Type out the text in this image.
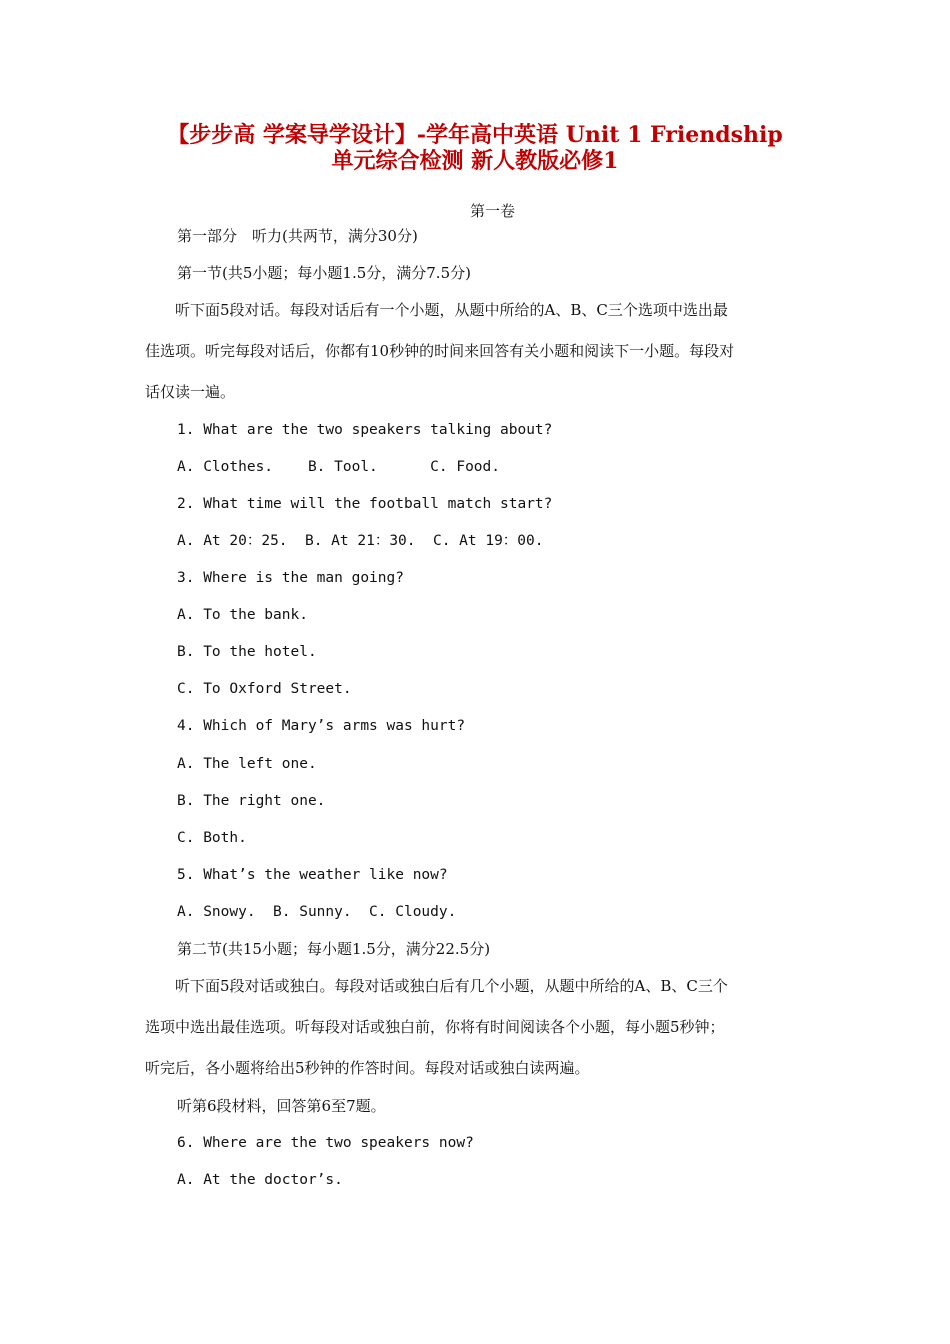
【步步高 学案导学设计】-学年高中英语 Unit 1 Friendship
单元综合检测 新人教版必修1
第一卷
第一部分　听力(共两节，满分30分)
第一节(共5小题；每小题1.5分，满分7.5分)

　　听下面5段对话。每段对话后有一个小题，从题中所给的A、B、C三个选项中选出最

佳选项。听完每段对话后，你都有10秒钟的时间来回答有关小题和阅读下一小题。每段对

话仅读一遍。

1. What are the two speakers talking about?
A. Clothes.    B. Tool.      C. Food.
2. What time will the football match start?
A. At 20：25.  B. At 21：30.  C. At 19：00.
3. Where is the man going?
A. To the bank.
B. To the hotel.
C. To Oxford Street.
4. Which of Mary’s arms was hurt?
A. The left one.
B. The right one.
C. Both.
5. What’s the weather like now?
A. Snowy.  B. Sunny.  C. Cloudy.
第二节(共15小题；每小题1.5分，满分22.5分)

　　听下面5段对话或独白。每段对话或独白后有几个小题，从题中所给的A、B、C三个

选项中选出最佳选项。听每段对话或独白前，你将有时间阅读各个小题，每小题5秒钟；

听完后，各小题将给出5秒钟的作答时间。每段对话或独白读两遍。

听第6段材料，回答第6至7题。
6. Where are the two speakers now?
A. At the doctor’s.
